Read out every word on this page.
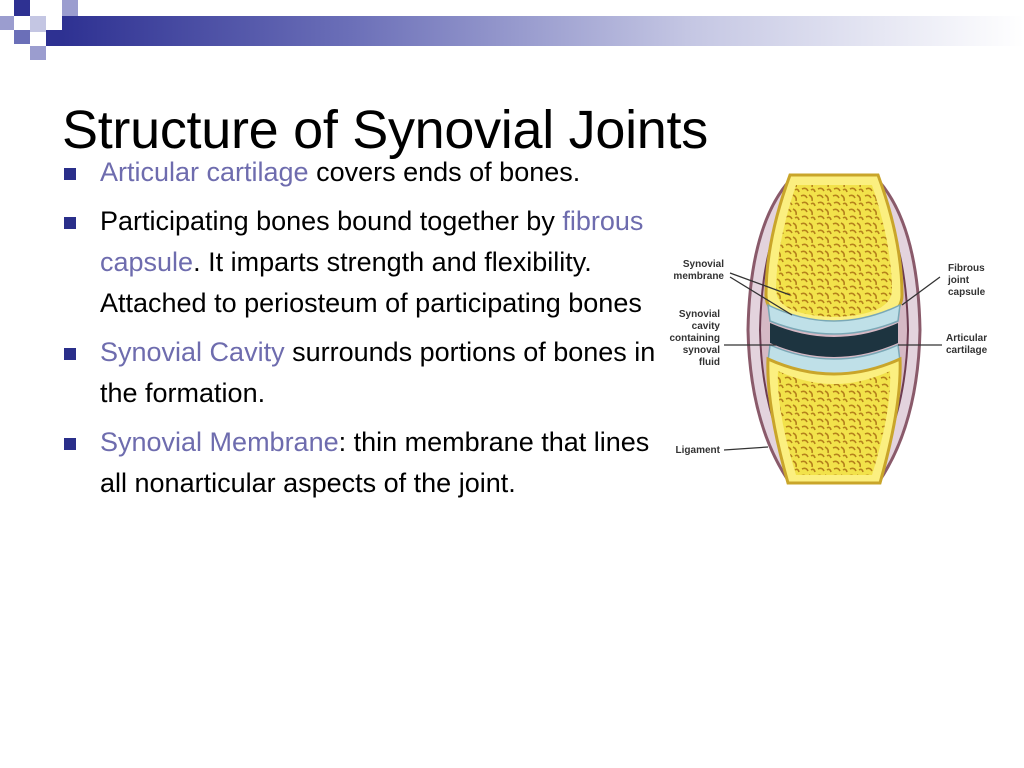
Structure of Synovial Joints
Articular cartilage covers ends of bones.
Participating bones bound together by fibrous capsule. It imparts strength and flexibility. Attached to periosteum of participating bones
Synovial Cavity surrounds portions of bones in the formation.
Synovial Membrane: thin membrane that lines all nonarticular aspects of the joint.
Synovial
membrane
Synovial
cavity
containing
synoval
fluid
Ligament
Fibrous
joint
capsule
Articular
cartilage
